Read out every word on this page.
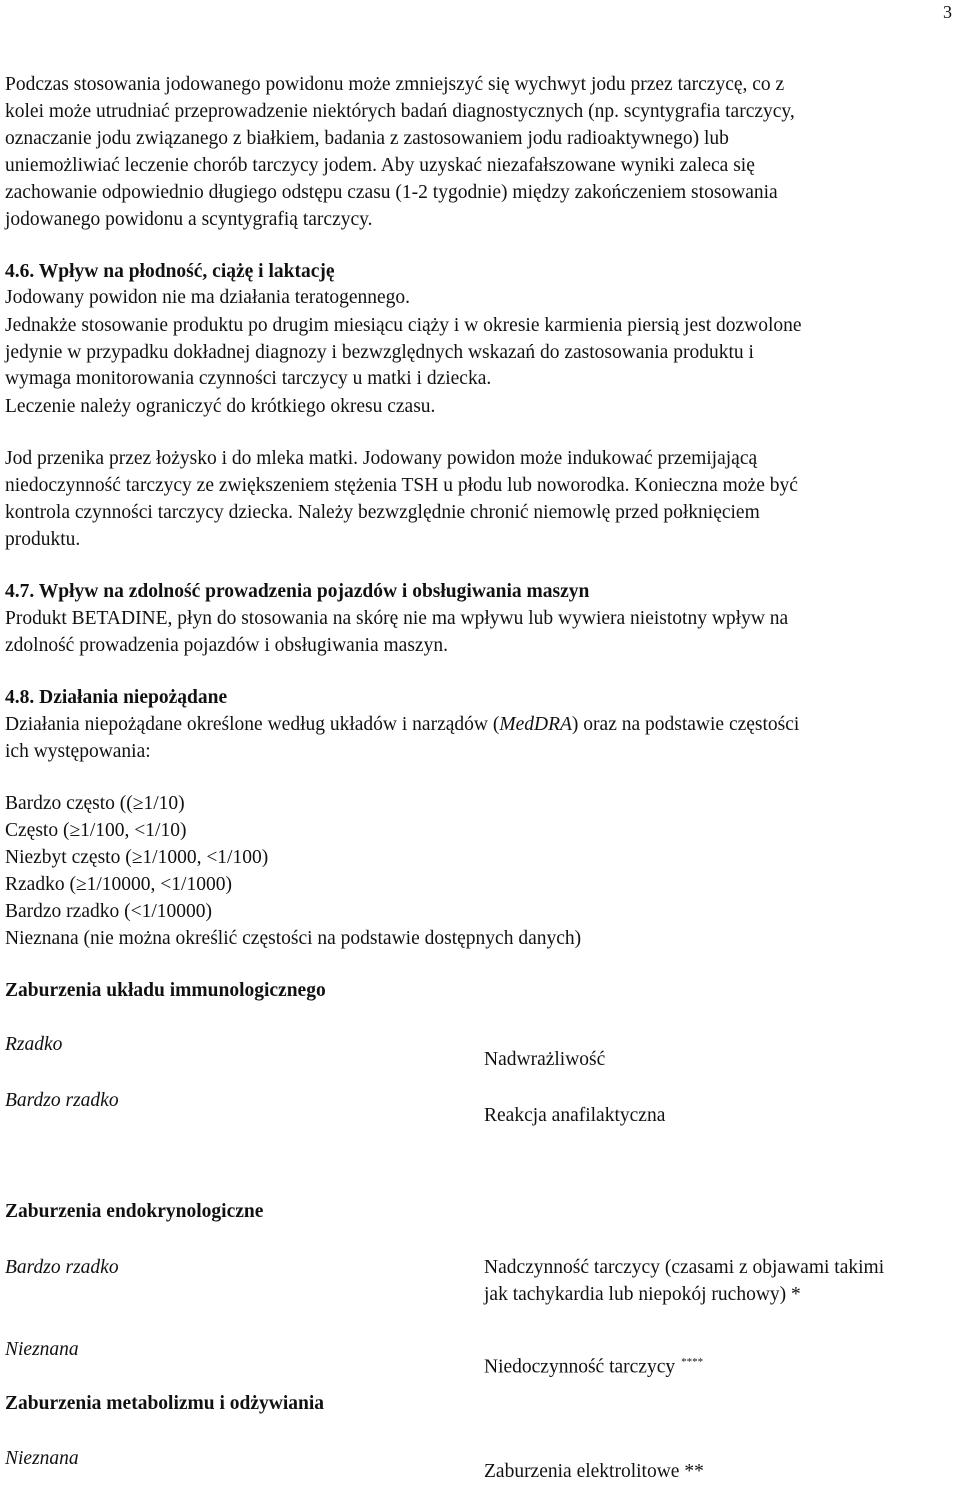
3
Podczas stosowania jodowanego powidonu może zmniejszyć się wychwyt jodu przez tarczycę, co z
kolei może utrudniać przeprowadzenie niektórych badań diagnostycznych (np. scyntygrafia tarczycy,
oznaczanie jodu związanego z białkiem, badania z zastosowaniem jodu radioaktywnego) lub
uniemożliwiać leczenie chorób tarczycy jodem. Aby uzyskać niezafałszowane wyniki zaleca się
zachowanie odpowiednio długiego odstępu czasu (1-2 tygodnie) między zakończeniem stosowania
jodowanego powidonu a scyntygrafią tarczycy.
4.6. Wpływ na płodność, ciążę i laktację
Jodowany powidon nie ma działania teratogennego.
Jednakże stosowanie produktu po drugim miesiącu ciąży i w okresie karmienia piersią jest dozwolone
jedynie w przypadku dokładnej diagnozy i bezwzględnych wskazań do zastosowania produktu i
wymaga monitorowania czynności tarczycy u matki i dziecka.
Leczenie należy ograniczyć do krótkiego okresu czasu.
Jod przenika przez łożysko i do mleka matki. Jodowany powidon może indukować przemijającą
niedoczynność tarczycy ze zwiększeniem stężenia TSH u płodu lub noworodka. Konieczna może być
kontrola czynności tarczycy dziecka. Należy bezwzględnie chronić niemowlę przed połknięciem
produktu.
4.7. Wpływ na zdolność prowadzenia pojazdów i obsługiwania maszyn
Produkt BETADINE, płyn do stosowania na skórę nie ma wpływu lub wywiera nieistotny wpływ na
zdolność prowadzenia pojazdów i obsługiwania maszyn.
4.8. Działania niepożądane
Działania niepożądane określone według układów i narządów (MedDRA) oraz na podstawie częstości
ich występowania:
Bardzo często ((≥1/10)
Często (≥1/100, <1/10)
Niezbyt często (≥1/1000, <1/100)
Rzadko (≥1/10000, <1/1000)
Bardzo rzadko (<1/10000)
Nieznana (nie można określić częstości na podstawie dostępnych danych)
Zaburzenia układu immunologicznego
Rzadko
Nadwrażliwość
Bardzo rzadko
Reakcja anafilaktyczna
Zaburzenia endokrynologiczne
Bardzo rzadko	Nadczynność tarczycy (czasami z objawami takimi
jak tachykardia lub niepokój ruchowy) *
Nieznana
Niedoczynność tarczycy ****
Zaburzenia metabolizmu i odżywiania
Nieznana
Zaburzenia elektrolitowe **
